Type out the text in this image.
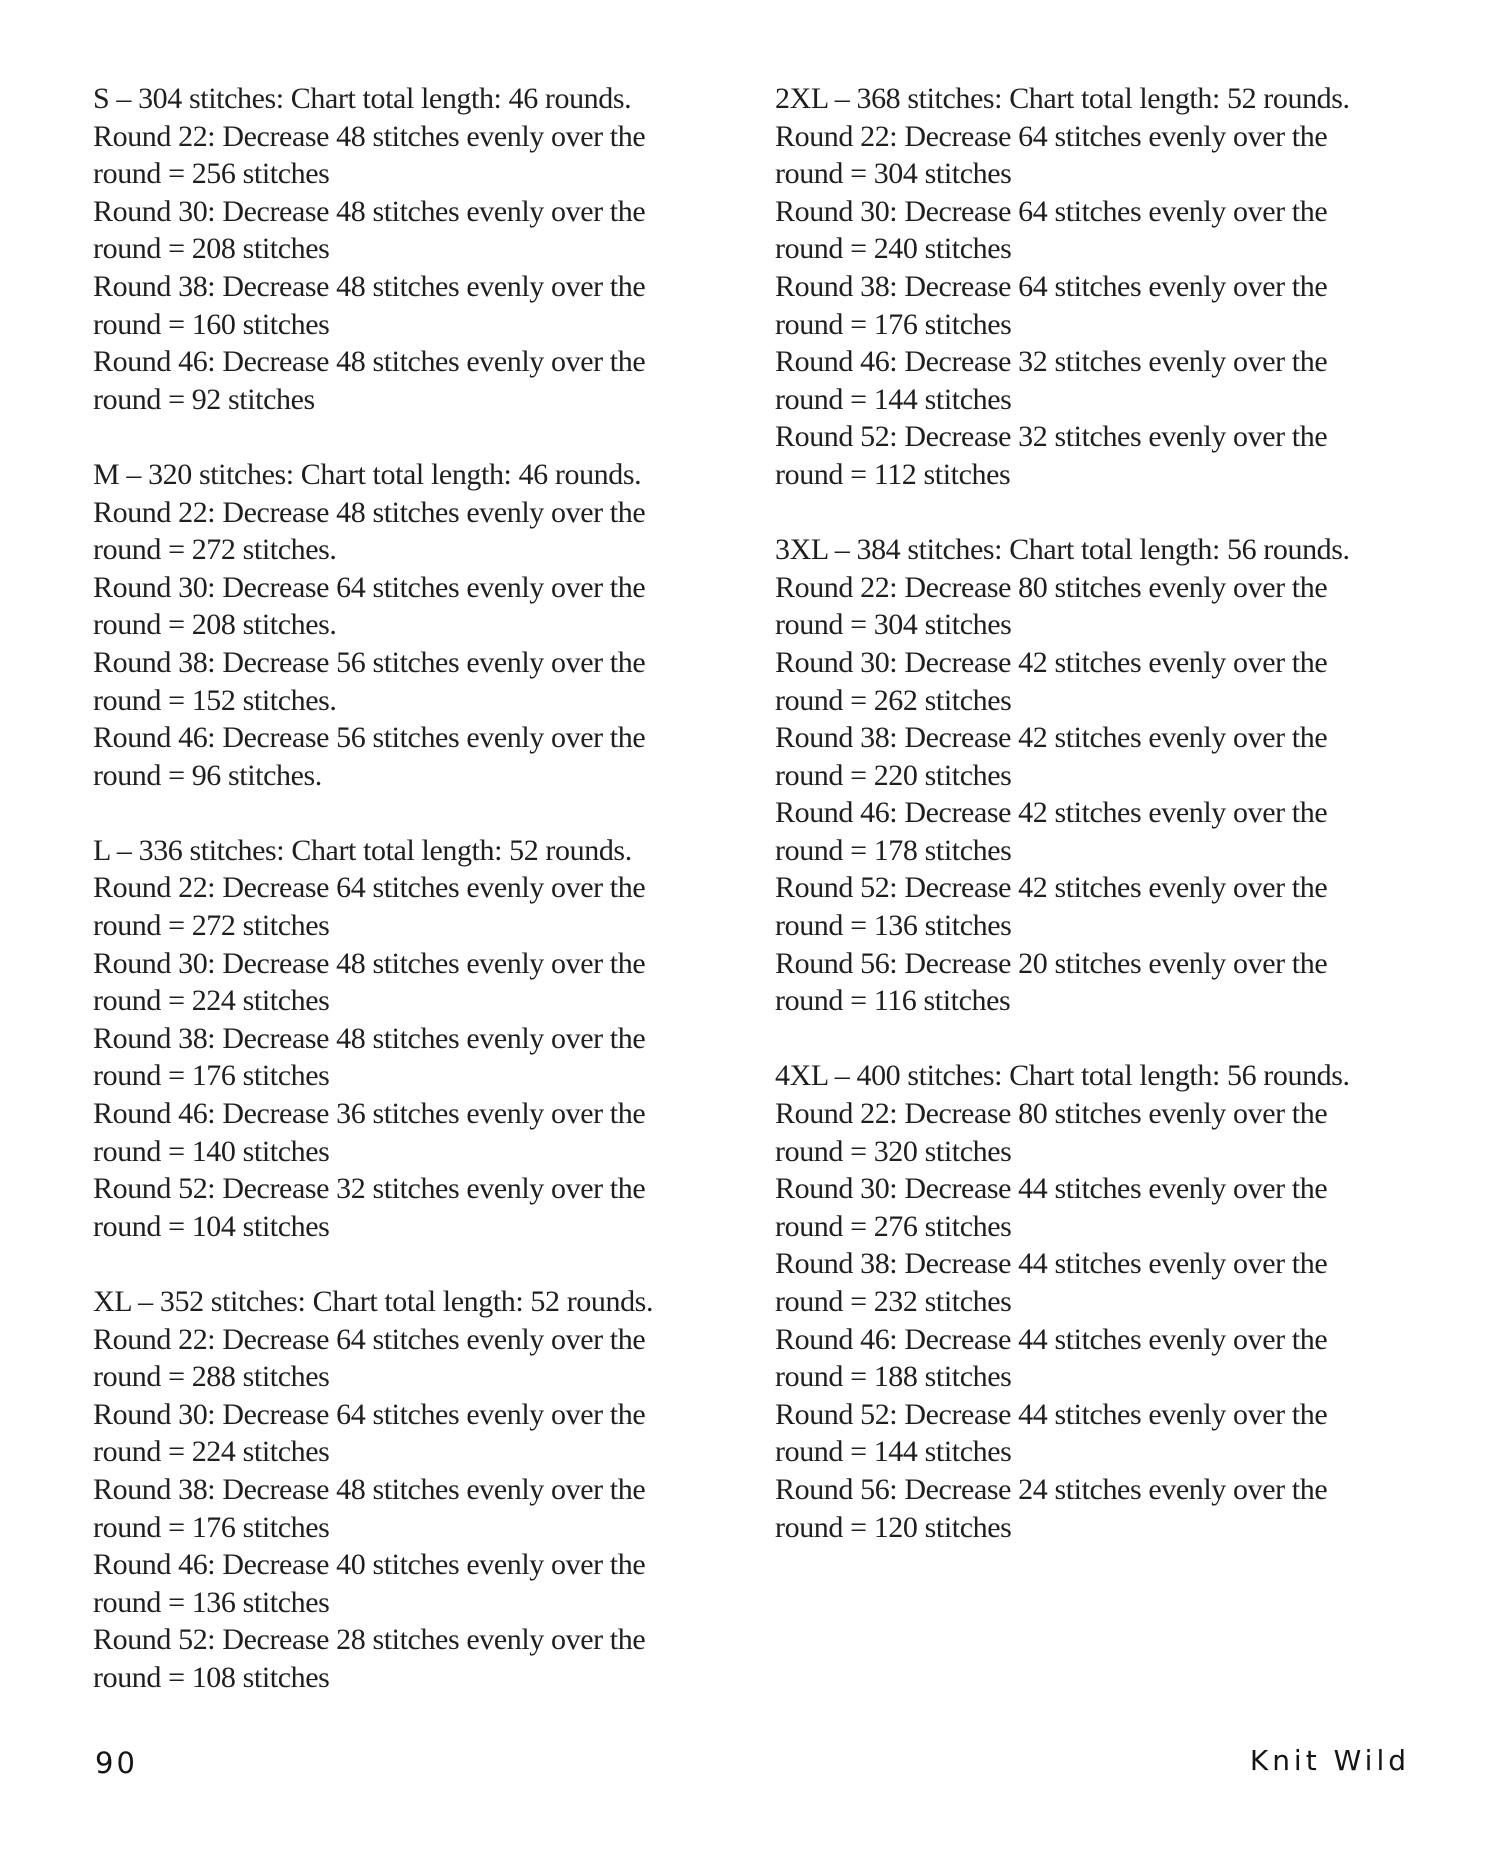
S – 304 stitches: Chart total length: 46 rounds.
Round 22: Decrease 48 stitches evenly over the
round = 256 stitches
Round 30: Decrease 48 stitches evenly over the
round = 208 stitches
Round 38: Decrease 48 stitches evenly over the
round = 160 stitches
Round 46: Decrease 48 stitches evenly over the
round = 92 stitches
M – 320 stitches: Chart total length: 46 rounds.
Round 22: Decrease 48 stitches evenly over the
round = 272 stitches.
Round 30: Decrease 64 stitches evenly over the
round = 208 stitches.
Round 38: Decrease 56 stitches evenly over the
round = 152 stitches.
Round 46: Decrease 56 stitches evenly over the
round = 96 stitches.
L – 336 stitches: Chart total length: 52 rounds.
Round 22: Decrease 64 stitches evenly over the
round = 272 stitches
Round 30: Decrease 48 stitches evenly over the
round = 224 stitches
Round 38: Decrease 48 stitches evenly over the
round = 176 stitches
Round 46: Decrease 36 stitches evenly over the
round = 140 stitches
Round 52: Decrease 32 stitches evenly over the
round = 104 stitches
XL – 352 stitches: Chart total length: 52 rounds.
Round 22: Decrease 64 stitches evenly over the
round = 288 stitches
Round 30: Decrease 64 stitches evenly over the
round = 224 stitches
Round 38: Decrease 48 stitches evenly over the
round = 176 stitches
Round 46: Decrease 40 stitches evenly over the
round = 136 stitches
Round 52: Decrease 28 stitches evenly over the
round = 108 stitches
2XL – 368 stitches: Chart total length: 52 rounds.
Round 22: Decrease 64 stitches evenly over the
round = 304 stitches
Round 30: Decrease 64 stitches evenly over the
round = 240 stitches
Round 38: Decrease 64 stitches evenly over the
round = 176 stitches
Round 46: Decrease 32 stitches evenly over the
round = 144 stitches
Round 52: Decrease 32 stitches evenly over the
round = 112 stitches
3XL – 384 stitches: Chart total length: 56 rounds.
Round 22: Decrease 80 stitches evenly over the
round = 304 stitches
Round 30: Decrease 42 stitches evenly over the
round = 262 stitches
Round 38: Decrease 42 stitches evenly over the
round = 220 stitches
Round 46: Decrease 42 stitches evenly over the
round = 178 stitches
Round 52: Decrease 42 stitches evenly over the
round = 136 stitches
Round 56: Decrease 20 stitches evenly over the
round = 116 stitches
4XL – 400 stitches: Chart total length: 56 rounds.
Round 22: Decrease 80 stitches evenly over the
round = 320 stitches
Round 30: Decrease 44 stitches evenly over the
round = 276 stitches
Round 38: Decrease 44 stitches evenly over the
round = 232 stitches
Round 46: Decrease 44 stitches evenly over the
round = 188 stitches
Round 52: Decrease 44 stitches evenly over the
round = 144 stitches
Round 56: Decrease 24 stitches evenly over the
round = 120 stitches
90	Knit Wild
